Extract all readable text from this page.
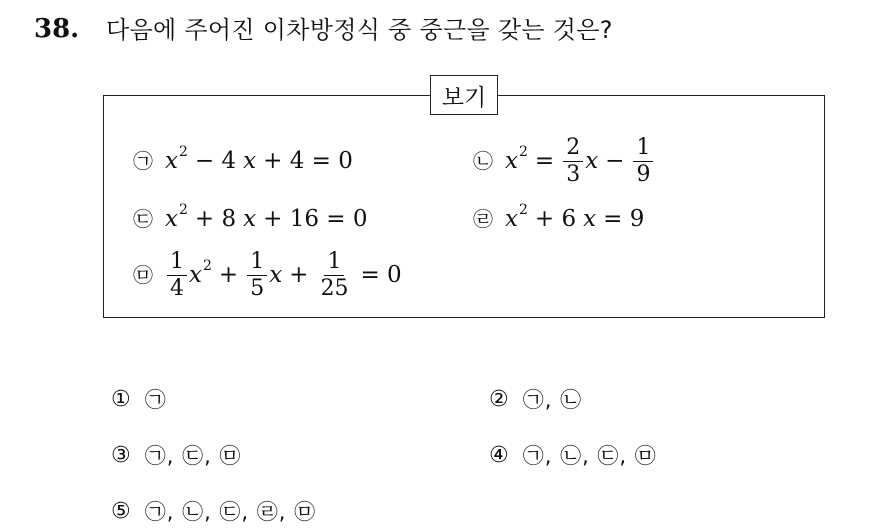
38. 다음에 주어진 이차방정식 중 중근을 갖는 것은?
보기
㉠ $x^2 - 4$ x + 4 = 0	㉡ $x^2 = \frac{2}{3}$ $x - \frac{1}{9}$
㉢ $x^2 + 8$ x + 16 = 0	㉣ $x^2 + 6$ x = 9
㉤ $\frac{1}{4} x^2 + \frac{1}{5}$ $x + \frac{1}{25} = 0$
① ㉠	② ㉠, ㉡
③ ㉠, ㉢, ㉤	④ ㉠, ㉡, ㉢, ㉤
⑤ ㉠, ㉡, ㉢, ㉣, ㉤
